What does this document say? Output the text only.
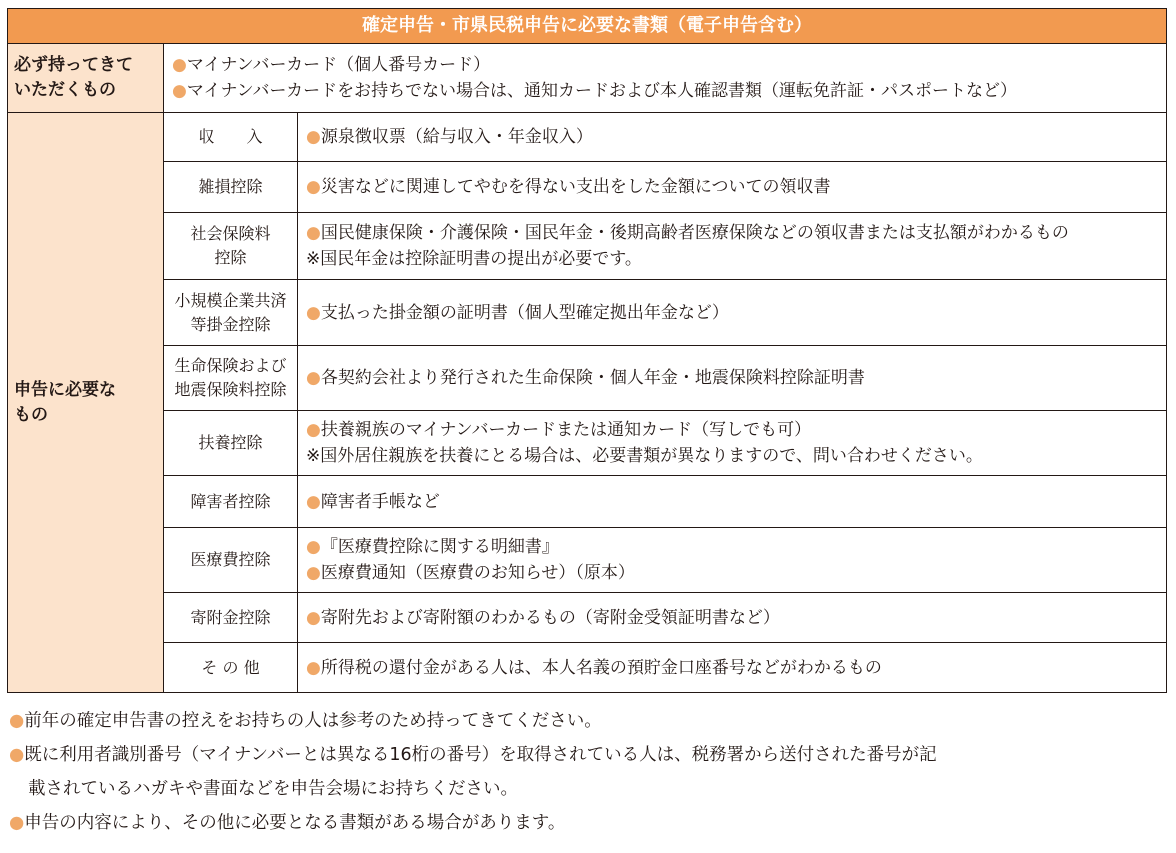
確定申告・市県民税申告に必要な書類（電子申告含む）		

必ず持ってきて
いただくもの	●マイナンバーカード（個人番号カード）
●マイナンバーカードをお持ちでない場合は、通知カードおよび本人確認書類（運転免許証・パスポートなど）	

申告に必要な
もの	収　　入	●源泉徴収票（給与収入・年金収入）

	雑損控除	●災害などに関連してやむを得ない支出をした金額についての領収書

	社会保険料
控除	●国民健康保険・介護保険・国民年金・後期高齢者医療保険などの領収書または支払額がわかるもの
※国民年金は控除証明書の提出が必要です。

	小規模企業共済
等掛金控除	●支払った掛金額の証明書（個人型確定拠出年金など）

	生命保険および
地震保険料控除	●各契約会社より発行された生命保険・個人年金・地震保険料控除証明書

	扶養控除	●扶養親族のマイナンバーカードまたは通知カード（写しでも可）
※国外居住親族を扶養にとる場合は、必要書類が異なりますので、問い合わせください。

	障害者控除	●障害者手帳など

	医療費控除	●『医療費控除に関する明細書』
●医療費通知（医療費のお知らせ）（原本）

	寄附金控除	●寄附先および寄附額のわかるもの（寄附金受領証明書など）

	そ の 他	●所得税の還付金がある人は、本人名義の預貯金口座番号などがわかるもの
●前年の確定申告書の控えをお持ちの人は参考のため持ってきてください。
●既に利用者識別番号（マイナンバーとは異なる16桁の番号）を取得されている人は、税務署から送付された番号が記
載されているハガキや書面などを申告会場にお持ちください。
●申告の内容により、その他に必要となる書類がある場合があります。
